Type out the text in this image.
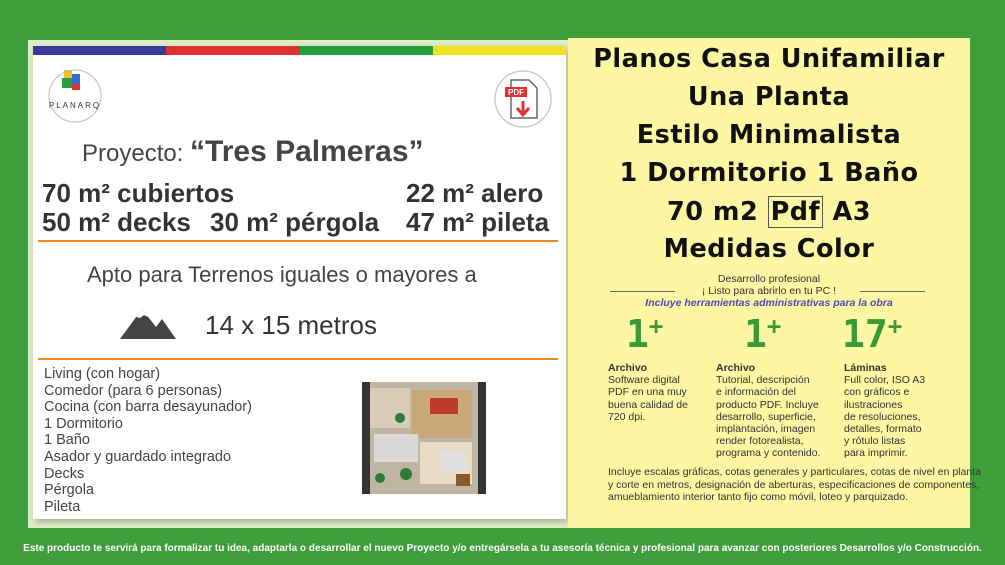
PLANARQ
PDF
Proyecto: “Tres Palmeras”
70 m² cubiertos	22 m² alero
50 m² decks 30 m² pérgola 47 m² pileta
Apto para Terrenos iguales o mayores a
14 x 15 metros
Living (con hogar)
Comedor (para 6 personas)
Cocina (con barra desayunador)
1 Dormitorio
1 Baño
Asador y guardado integrado
Decks
Pérgola
Pileta
Planos Casa Unifamiliar
Una Planta
Estilo Minimalista
1 Dormitorio 1 Baño
70 m2 Pdf A3
Medidas Color
Desarrollo profesional
¡ Listo para abrirlo en tu PC !
Incluye herramientas administrativas para la obra
1+ 1+ 17+
Archivo
Software digital
PDF en una muy
buena calidad de
720 dpi.
Archivo
Tutorial, descripción
e información del
producto PDF. Incluye
desarrollo, superficie,
implantación, imagen
render fotorealista,
programa y contenido.
Láminas
Full color, ISO A3
con gráficos e
ilustraciones
de resoluciones,
detalles, formato
y rótulo listas
para imprimir.
Incluye escalas gráficas, cotas generales y particulares, cotas de nivel en planta y corte en metros, designación de aberturas, especificaciones de componentes, amueblamiento interior tanto fijo como móvil, loteo y parquizado.
Este producto te servirá para formalizar tu idea, adaptarla o desarrollar el nuevo Proyecto y/o entregársela a tu asesoría técnica y profesional para avanzar con posteriores Desarrollos y/o Construcción.
